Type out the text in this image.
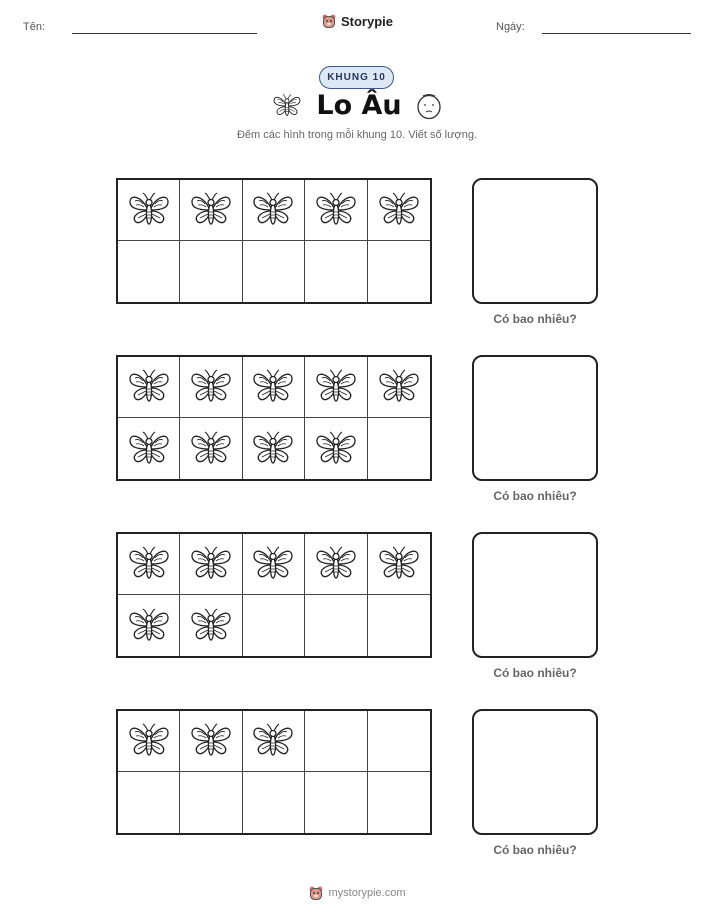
Tên:	Storypie	Ngày:
KHUNG 10
Lo Âu
Đếm các hình trong mỗi khung 10. Viết số lượng.
Có bao nhiêu?
Có bao nhiêu?
Có bao nhiêu?
Có bao nhiêu?
mystorypie.com
